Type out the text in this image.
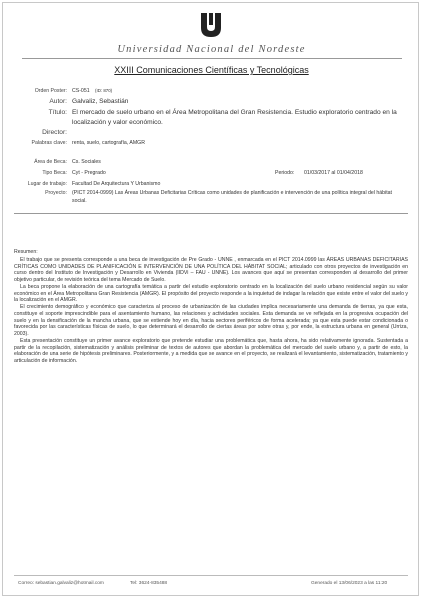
Universidad Nacional del Nordeste
XXIII Comunicaciones Científicas y Tecnológicas
Orden Poster: CS-051 (ID: 870)
Autor: Galvaliz, Sebastián
Título: El mercado de suelo urbano en el Área Metropolitana del Gran Resistencia. Estudio exploratorio centrado en la localización y valor económico.
Director:
Palabras clave: renta, suelo, cartografía, AMGR
Área de Beca: Cs. Sociales
Tipo Beca: Cyt - Pregrado	Periodo: 01/03/2017 al 01/04/2018
Lugar de trabajo: Facultad De Arquitectura Y Urbanismo
Proyecto: (PICT 2014-0999) Las Áreas Urbanas Deficitarias Críticas como unidades de planificación e intervención de una política integral del hábitat social.

Resumen:

El trabajo que se presenta corresponde a una beca de investigación de Pre Grado - UNNE , enmarcada en el PICT 2014.0999 las ÁREAS URBANAS DEFICITARIAS CRÍTICAS COMO UNIDADES DE PLANIFICACIÓN E INTERVENCIÓN DE UNA POLÍTICA DEL HÁBITAT SOCIAL; articulado con otros proyectos de investigación en curso dentro del Instituto de Investigación y Desarrollo en Vivienda (IIDVi – FAU - UNNE). Los avances que aquí se presentan corresponden al desarrollo del primer objetivo particular, de revisión teórica del tema Mercado de Suelo.

La beca propone la elaboración de una cartografía temática a partir del estudio exploratorio centrado en la localización del suelo urbano residencial según su valor económico en el Área Metropolitana Gran Resistencia (AMGR). El propósito del proyecto responde a la inquietud de indagar la relación que existe entre el valor del suelo y la localización en el AMGR.

El crecimiento demográfico y económico que caracteriza al proceso de urbanización de las ciudades implica necesariamente una demanda de tierras, ya que esta, constituye el soporte imprescindible para el asentamiento humano, las relaciones y actividades sociales. Esta demanda se ve reflejada en la progresiva ocupación del suelo y en la densificación de la mancha urbana, que se extiende hoy en día, hacia sectores periféricos de forma acelerada; ya que esta puede estar condicionada o favorecida por las características físicas de suelo, lo que determinará el desarrollo de ciertas áreas por sobre otras y, por ende, la estructura urbana en general (Urriza, 2003).

Esta presentación constituye un primer avance exploratorio que pretende estudiar una problemática que, hasta ahora, ha sido relativamente ignorada. Sustentada a partir de la recopilación, sistematización y análisis preliminar de textos de autores que abordan la problemática del mercado del suelo urbano y, a partir de esto, la elaboración de una serie de hipótesis preliminares. Posteriormente, y a medida que se avance en el proyecto, se realizará el levantamiento, sistematización, tratamiento y articulación de información.

Correo: sebastian.galvaliz@hotmail.com	Tel: 3624-835488	Generado el 13/06/2023 a las 11:20
